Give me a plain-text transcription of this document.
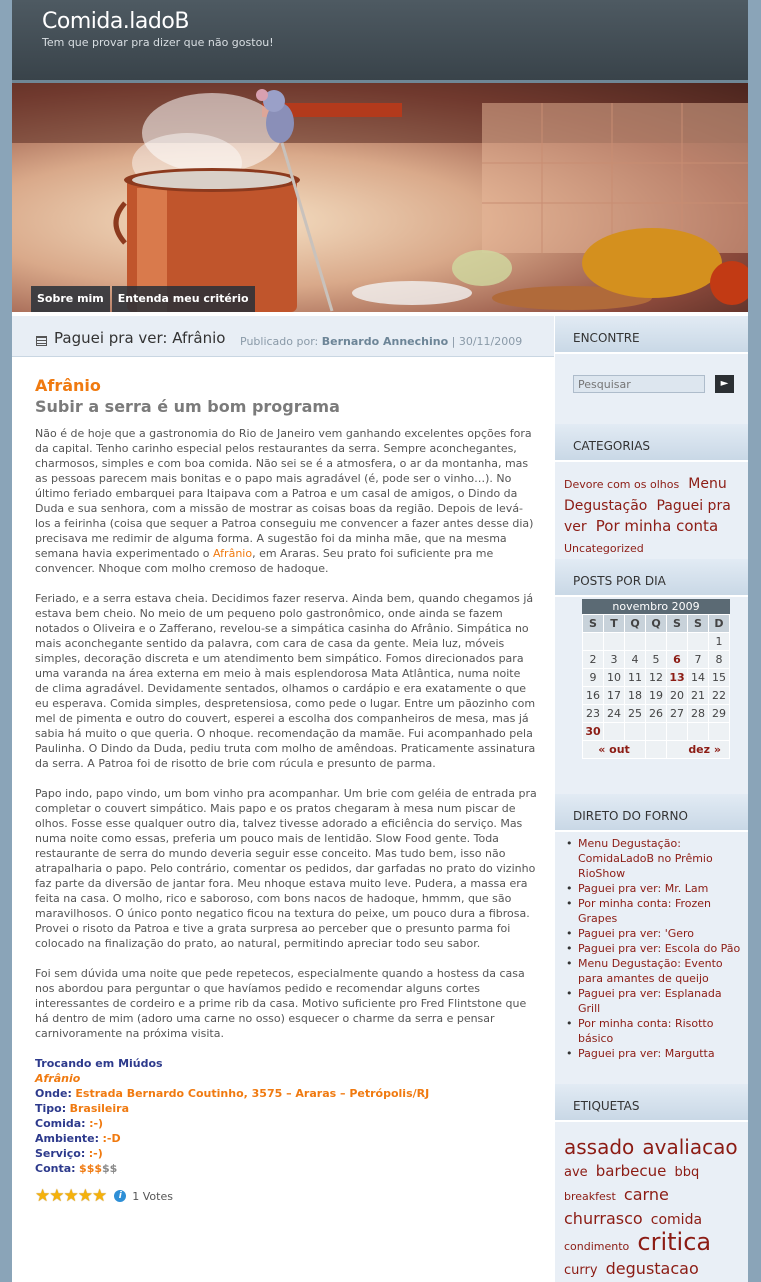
Comida.ladoB
Tem que provar pra dizer que não gostou!
Sobre mim	Entenda meu critério
Paguei pra ver: Afrânio Publicado por: Bernardo Annechino | 30/11/2009
Afrânio
Subir a serra é um bom programa

Não é de hoje que a gastronomia do Rio de Janeiro vem ganhando excelentes opções fora da capital. Tenho carinho especial pelos restaurantes da serra. Sempre aconchegantes, charmosos, simples e com boa comida. Não sei se é a atmosfera, o ar da montanha, mas as pessoas parecem mais bonitas e o papo mais agradável (é, pode ser o vinho…). No último feriado embarquei para Itaipava com a Patroa e um casal de amigos, o Dindo da Duda e sua senhora, com a missão de mostrar as coisas boas da região. Depois de levá-los a feirinha (coisa que sequer a Patroa conseguiu me convencer a fazer antes desse dia) precisava me redimir de alguma forma. A sugestão foi da minha mãe, que na mesma semana havia experimentado o Afrânio, em Araras. Seu prato foi suficiente pra me convencer. Nhoque com molho cremoso de hadoque.

Feriado, e a serra estava cheia. Decidimos fazer reserva. Ainda bem, quando chegamos já estava bem cheio. No meio de um pequeno polo gastronômico, onde ainda se fazem notados o Oliveira e o Zafferano, revelou-se a simpática casinha do Afrânio. Simpática no mais aconchegante sentido da palavra, com cara de casa da gente. Meia luz, móveis simples, decoração discreta e um atendimento bem simpático. Fomos direcionados para uma varanda na área externa em meio à mais esplendorosa Mata Atlântica, numa noite de clima agradável. Devidamente sentados, olhamos o cardápio e era exatamente o que eu esperava. Comida simples, despretensiosa, como pede o lugar. Entre um pãozinho com mel de pimenta e outro do couvert, esperei a escolha dos companheiros de mesa, mas já sabia há muito o que queria. O nhoque. recomendação da mamãe. Fui acompanhado pela Paulinha. O Dindo da Duda, pediu truta com molho de amêndoas. Praticamente assinatura da serra. A Patroa foi de risotto de brie com rúcula e presunto de parma.

Papo indo, papo vindo, um bom vinho pra acompanhar. Um brie com geléia de entrada pra completar o couvert simpático. Mais papo e os pratos chegaram à mesa num piscar de olhos. Fosse esse qualquer outro dia, talvez tivesse adorado a eficiência do serviço. Mas numa noite como essas, preferia um pouco mais de lentidão. Slow Food gente. Toda restaurante de serra do mundo deveria seguir esse conceito. Mas tudo bem, isso não atrapalharia o papo. Pelo contrário, comentar os pedidos, dar garfadas no prato do vizinho faz parte da diversão de jantar fora. Meu nhoque estava muito leve. Pudera, a massa era feita na casa. O molho, rico e saboroso, com bons nacos de hadoque, hmmm, que são maravilhosos. O único ponto negatico ficou na textura do peixe, um pouco dura a fibrosa. Provei o risoto da Patroa e tive a grata surpresa ao perceber que o presunto parma foi colocado na finalização do prato, ao natural, permitindo apreciar todo seu sabor.

Foi sem dúvida uma noite que pede repetecos, especialmente quando a hostess da casa nos abordou para perguntar o que havíamos pedido e recomendar alguns cortes interessantes de cordeiro e a prime rib da casa. Motivo suficiente pro Fred Flintstone que há dentro de mim (adoro uma carne no osso) esquecer o charme da serra e pensar carnivoramente na próxima visita.

Trocando em Miúdos

Afrânio

Onde: Estrada Bernardo Coutinho, 3575 – Araras – Petrópolis/RJ

Tipo: Brasileira

Comida: :-)

Ambiente: :-D

Serviço: :-)

Conta: $$$$$

★★★★★	i 1 Votes
ENCONTRE
Pesquisar
►
CATEGORIAS
Devore com os olhos Menu Degustação Paguei pra ver Por minha conta Uncategorized
POSTS POR DIA
novembro 2009
S	T	Q	Q	S	S	D
						1
2	3	4	5	6	7	8
9	10	11	12	13	14	15
16	17	18	19	20	21	22
23	24	25	26	27	28	29
30						
« out				dez »		
DIRETO DO FORNO
• Menu Degustação: ComidaLadoB no Prêmio RioShow
• Paguei pra ver: Mr. Lam
• Por minha conta: Frozen Grapes
• Paguei pra ver: 'Gero
• Paguei pra ver: Escola do Pão
• Menu Degustação: Evento para amantes de queijo
• Paguei pra ver: Esplanada Grill
• Por minha conta: Risotto básico
• Paguei pra ver: Margutta
ETIQUETAS
assado avaliacao ave barbecue bbq breakfest carne churrasco comida condimento critica curry degustacao
